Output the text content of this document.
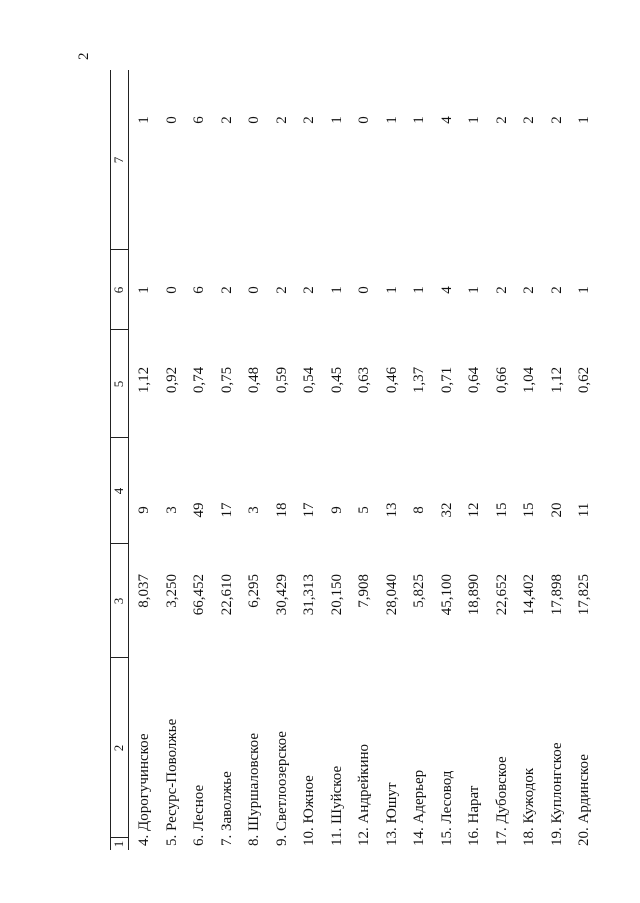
2
1
2
3
4
5
6
7
4. Дорогучинское
8,037
9
1,12
1
1
5. Ресурс-Поволжье
3,250
3
0,92
0
0
6. Лесное
66,452
49
0,74
6
6
7. Заволжье
22,610
17
0,75
2
2
8. Шуршаловское
6,295
3
0,48
0
0
9. Светлоозерское
30,429
18
0,59
2
2
10. Южное
31,313
17
0,54
2
2
11. Шуйское
20,150
9
0,45
1
1
12. Андрейкино
7,908
5
0,63
0
0
13. Юшут
28,040
13
0,46
1
1
14. Адерьер
5,825
8
1,37
1
1
15. Лесовод
45,100
32
0,71
4
4
16. Нарат
18,890
12
0,64
1
1
17. Дубовское
22,652
15
0,66
2
2
18. Кужодок
14,402
15
1,04
2
2
19. Куплонгское
17,898
20
1,12
2
2
20. Ардинское
17,825
11
0,62
1
1
